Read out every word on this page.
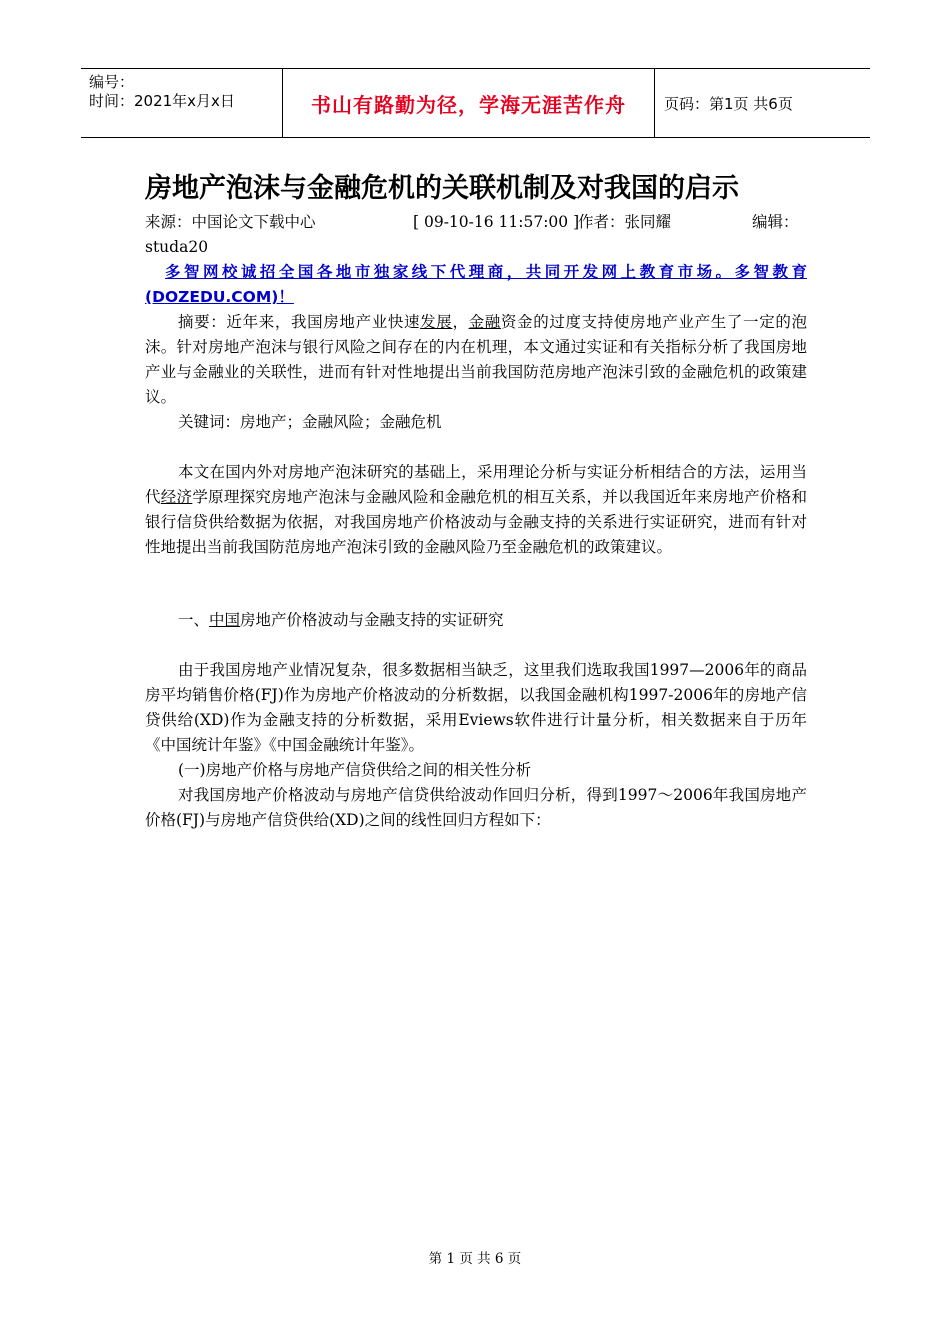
编号：
时间：2021年x月x日	书山有路勤为径，学海无涯苦作舟	页码：第1页 共6页
房地产泡沫与金融危机的关联机制及对我国的启示
来源：中国论文下载中心	[ 09-10-16 11:57:00 ]
作者：张同耀	编辑：
studa20
多智网校诚招全国各地市独家线下代理商，共同开发网上教育市场。多智教育(DOZEDU.COM)！
摘要：近年来，我国房地产业快速发展，金融资金的过度支持使房地产业产生了一定的泡沫。针对房地产泡沫与银行风险之间存在的内在机理，本文通过实证和有关指标分析了我国房地产业与金融业的关联性，进而有针对性地提出当前我国防范房地产泡沫引致的金融危机的政策建议。
关键词：房地产；金融风险；金融危机
本文在国内外对房地产泡沫研究的基础上，采用理论分析与实证分析相结合的方法，运用当代经济学原理探究房地产泡沫与金融风险和金融危机的相互关系，并以我国近年来房地产价格和银行信贷供给数据为依据，对我国房地产价格波动与金融支持的关系进行实证研究，进而有针对性地提出当前我国防范房地产泡沫引致的金融风险乃至金融危机的政策建议。
一、中国房地产价格波动与金融支持的实证研究
由于我国房地产业情况复杂，很多数据相当缺乏，这里我们选取我国1997—2006年的商品房平均销售价格(FJ)作为房地产价格波动的分析数据，以我国金融机构1997-2006年的房地产信贷供给(XD)作为金融支持的分析数据，采用Eviews软件进行计量分析，相关数据来自于历年《中国统计年鉴》《中国金融统计年鉴》。
(一)房地产价格与房地产信贷供给之间的相关性分析
对我国房地产价格波动与房地产信贷供给波动作回归分析，得到1997～2006年我国房地产价格(FJ)与房地产信贷供给(XD)之间的线性回归方程如下：
第 1 页 共 6 页
